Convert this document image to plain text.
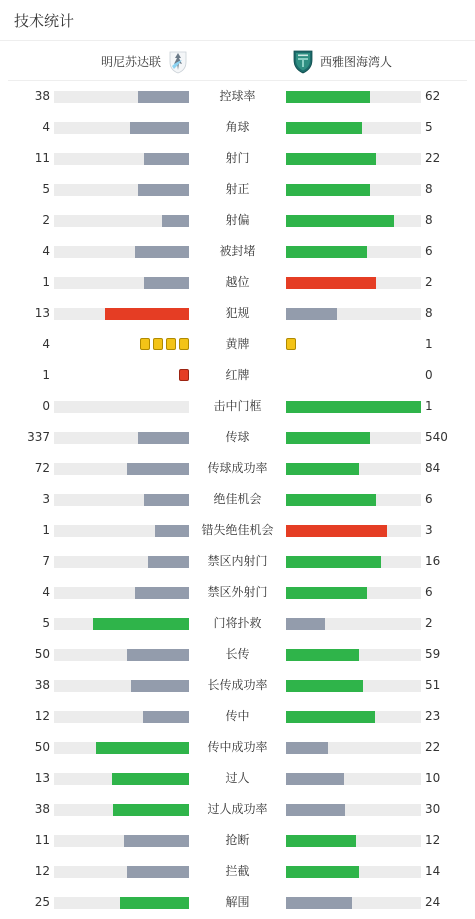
技术统计
明尼苏达联	西雅图海湾人
38	控球率	62
4	角球	5
11	射门	22
5	射正	8
2	射偏	8
4	被封堵	6
1	越位	2
13	犯规	8
4	黄牌	1
1	红牌	0
0	击中门框	1
337	传球	540
72	传球成功率	84
3	绝佳机会	6
1	错失绝佳机会	3
7	禁区内射门	16
4	禁区外射门	6
5	门将扑救	2
50	长传	59
38	长传成功率	51
12	传中	23
50	传中成功率	22
13	过人	10
38	过人成功率	30
11	抢断	12
12	拦截	14
25	解围	24
